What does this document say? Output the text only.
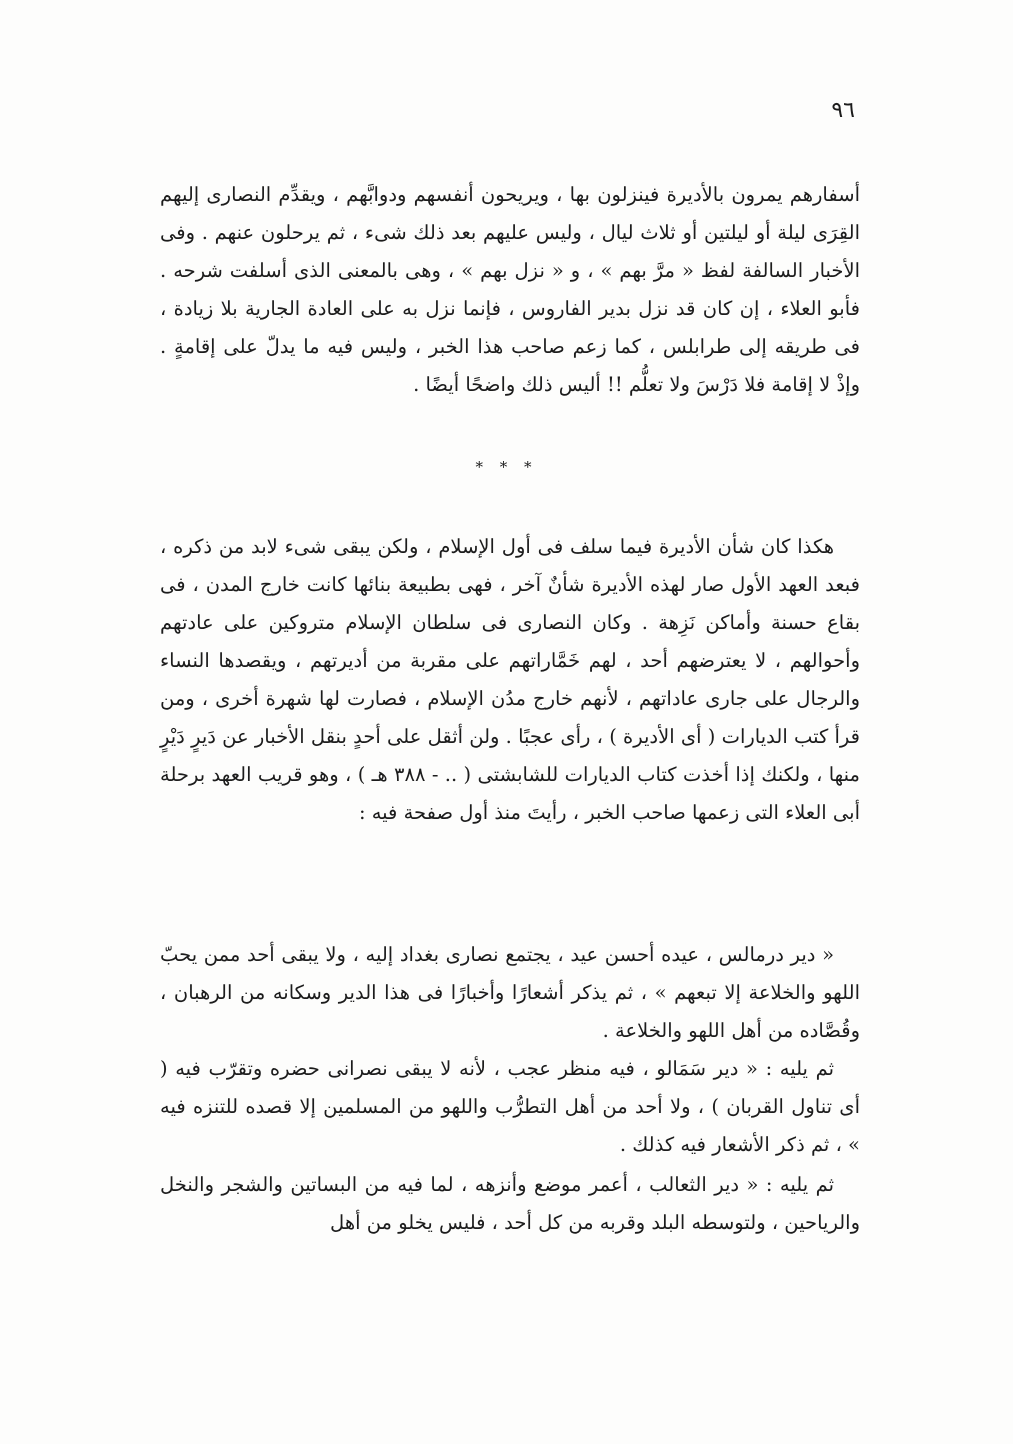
٩٦

أسفارهم يمرون بالأديرة فينزلون بها ، ويريحون أنفسهم ودوابَّهم ، ويقدِّم النصارى إليهم القِرَى ليلة أو ليلتين أو ثلاث ليال ، وليس عليهم بعد ذلك شىء ، ثم يرحلون عنهم . وفى الأخبار السالفة لفظ « مرَّ بهم » ، و « نزل بهم » ، وهى بالمعنى الذى أسلفت شرحه . فأبو العلاء ، إن كان قد نزل بدير الفاروس ، فإنما نزل به على العادة الجارية بلا زيادة ، فى طريقه إلى طرابلس ، كما زعم صاحب هذا الخبر ، وليس فيه ما يدلّ على إقامةٍ . وإذْ لا إقامة فلا دَرْسَ ولا تعلُّم !! أليس ذلك واضحًا أيضًا .

* * *

هكذا كان شأن الأديرة فيما سلف فى أول الإسلام ، ولكن يبقى شىء لابد من ذكره ، فبعد العهد الأول صار لهذه الأديرة شأنٌ آخر ، فهى بطبيعة بنائها كانت خارج المدن ، فى بقاع حسنة وأماكن نَزِهة . وكان النصارى فى سلطان الإسلام متروكين على عادتهم وأحوالهم ، لا يعترضهم أحد ، لهم خَمَّاراتهم على مقربة من أديرتهم ، ويقصدها النساء والرجال على جارى عاداتهم ، لأنهم خارج مدُن الإسلام ، فصارت لها شهرة أخرى ، ومن قرأ كتب الديارات ( أى الأديرة ) ، رأى عجبًا . ولن أثقل على أحدٍ بنقل الأخبار عن دَيرٍ دَيْرٍ منها ، ولكنك إذا أخذت كتاب الديارات للشابشتى ( .. - ٣٨٨ هـ ) ، وهو قريب العهد برحلة أبى العلاء التى زعمها صاحب الخبر ، رأيتَ منذ أول صفحة فيه :

« دير درمالس ، عيده أحسن عيد ، يجتمع نصارى بغداد إليه ، ولا يبقى أحد ممن يحبّ اللهو والخلاعة إلا تبعهم » ، ثم يذكر أشعارًا وأخبارًا فى هذا الدير وسكانه من الرهبان ، وقُصَّاده من أهل اللهو والخلاعة .

ثم يليه : « دير سَمَالو ، فيه منظر عجب ، لأنه لا يبقى نصرانى حضره وتقرّب فيه ( أى تناول القربان ) ، ولا أحد من أهل التطرُّب واللهو من المسلمين إلا قصده للتنزه فيه » ، ثم ذكر الأشعار فيه كذلك .

ثم يليه : « دير الثعالب ، أعمر موضع وأنزهه ، لما فيه من البساتين والشجر والنخل والرياحين ، ولتوسطه البلد وقربه من كل أحد ، فليس يخلو من أهل
